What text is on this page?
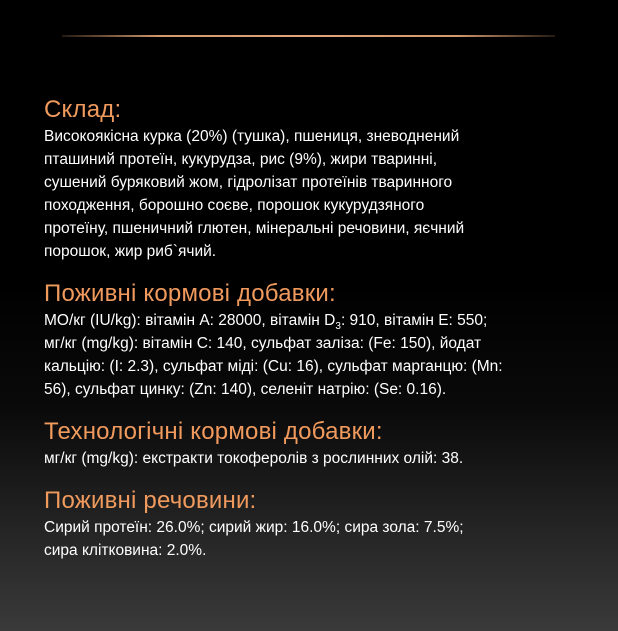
Склад:
Високоякісна курка (20%) (тушка), пшениця, зневоднений
пташиний протеїн, кукурудза, рис (9%), жири тваринні,
сушений буряковий жом, гідролізат протеїнів тваринного
походження, борошно соєве, порошок кукурудзяного
протеїну, пшеничний глютен, мінеральні речовини, яєчний
порошок, жир риб`ячий.
Поживні кормові добавки:
МО/кг (IU/kg): вітамін A: 28000, вітамін $D_3$: 910, вітамін E: 550;
мг/кг (mg/kg): вітамін C: 140, сульфат заліза: (Fe: 150), йодат
кальцію: (I: 2.3), сульфат міді: (Cu: 16), сульфат марганцю: (Mn:
56), сульфат цинку: (Zn: 140), селеніт натрію: (Se: 0.16).
Технологічні кормові добавки:
мг/кг (mg/kg): екстракти токоферолів з рослинних олій: 38.
Поживні речовини:
Сирий протеїн: 26.0%; сирий жир: 16.0%; сира зола: 7.5%;
сира клітковина: 2.0%.
